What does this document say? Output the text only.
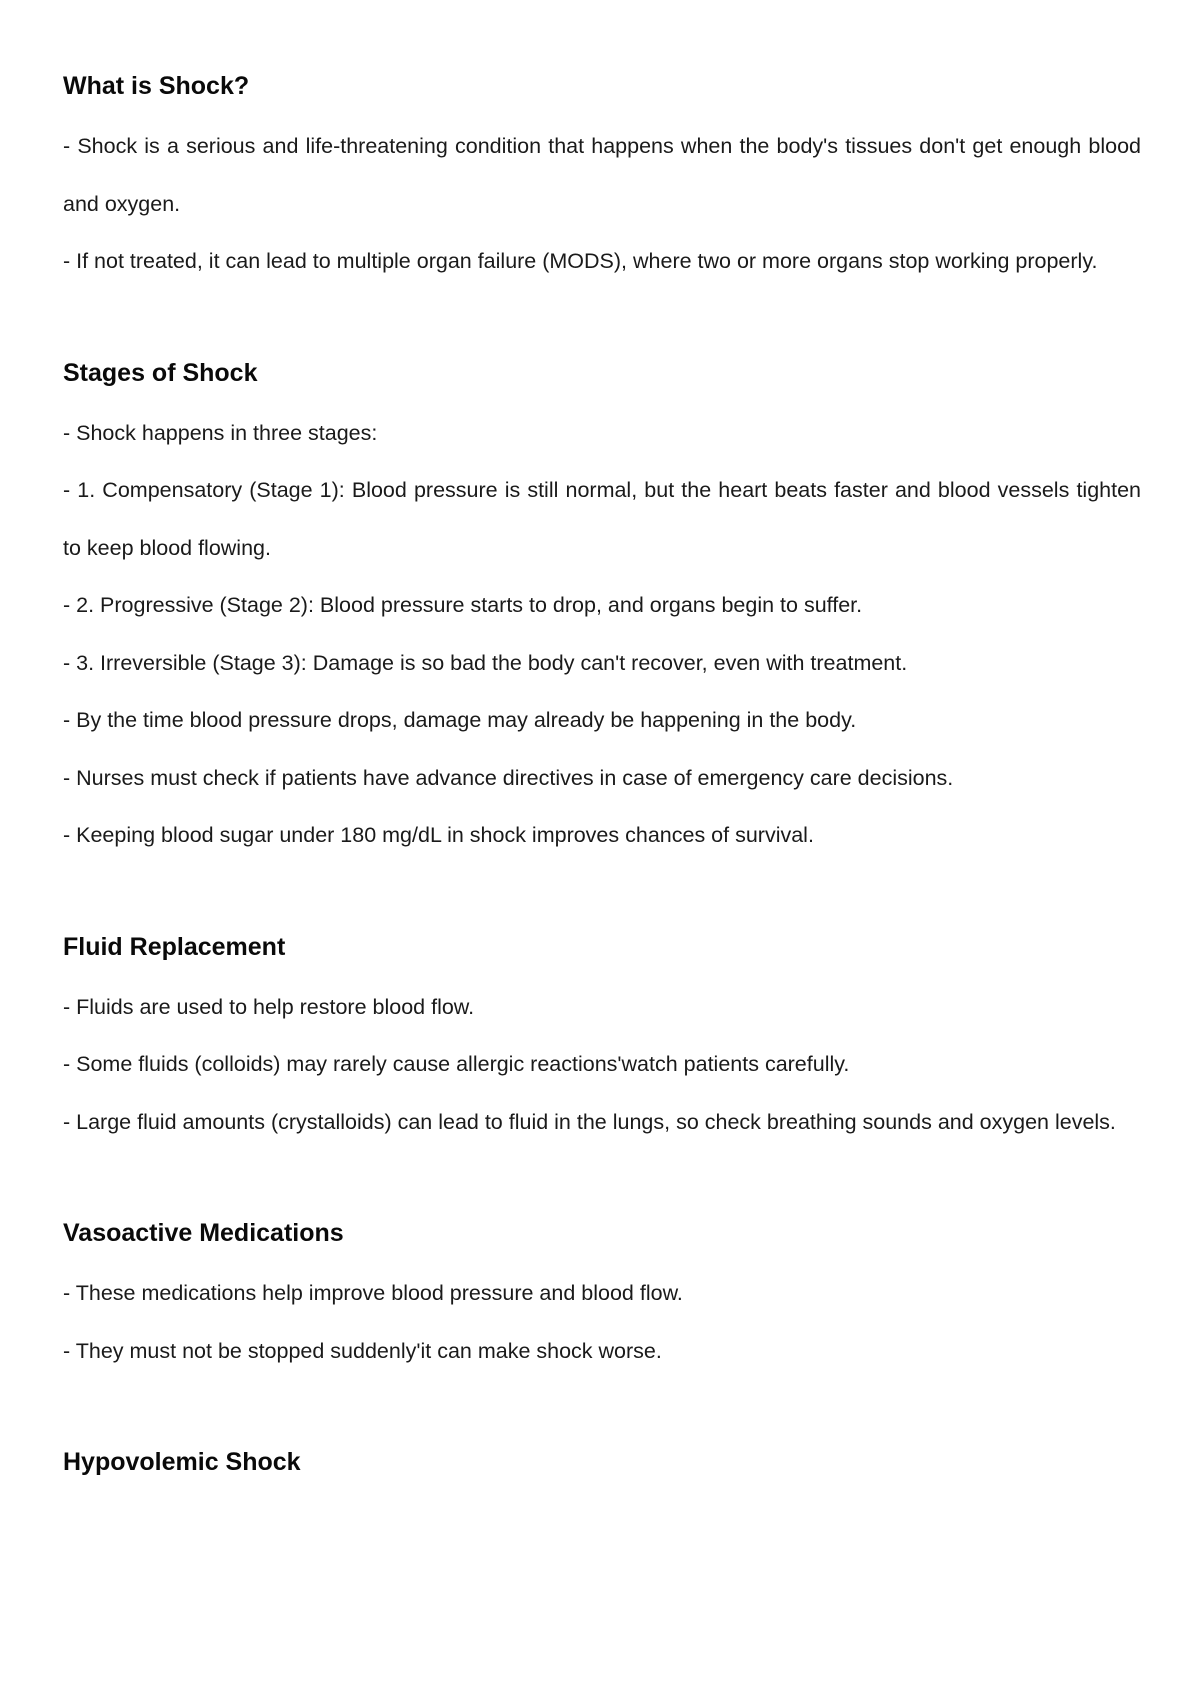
What is Shock?

- Shock is a serious and life-threatening condition that happens when the body's tissues don't get enough blood and oxygen.

- If not treated, it can lead to multiple organ failure (MODS), where two or more organs stop working properly.

Stages of Shock

- Shock happens in three stages:

- 1. Compensatory (Stage 1): Blood pressure is still normal, but the heart beats faster and blood vessels tighten to keep blood flowing.

- 2. Progressive (Stage 2): Blood pressure starts to drop, and organs begin to suffer.

- 3. Irreversible (Stage 3): Damage is so bad the body can't recover, even with treatment.

- By the time blood pressure drops, damage may already be happening in the body.

- Nurses must check if patients have advance directives in case of emergency care decisions.

- Keeping blood sugar under 180 mg/dL in shock improves chances of survival.

Fluid Replacement

- Fluids are used to help restore blood flow.

- Some fluids (colloids) may rarely cause allergic reactions'watch patients carefully.

- Large fluid amounts (crystalloids) can lead to fluid in the lungs, so check breathing sounds and oxygen levels.

Vasoactive Medications

- These medications help improve blood pressure and blood flow.

- They must not be stopped suddenly'it can make shock worse.

Hypovolemic Shock
